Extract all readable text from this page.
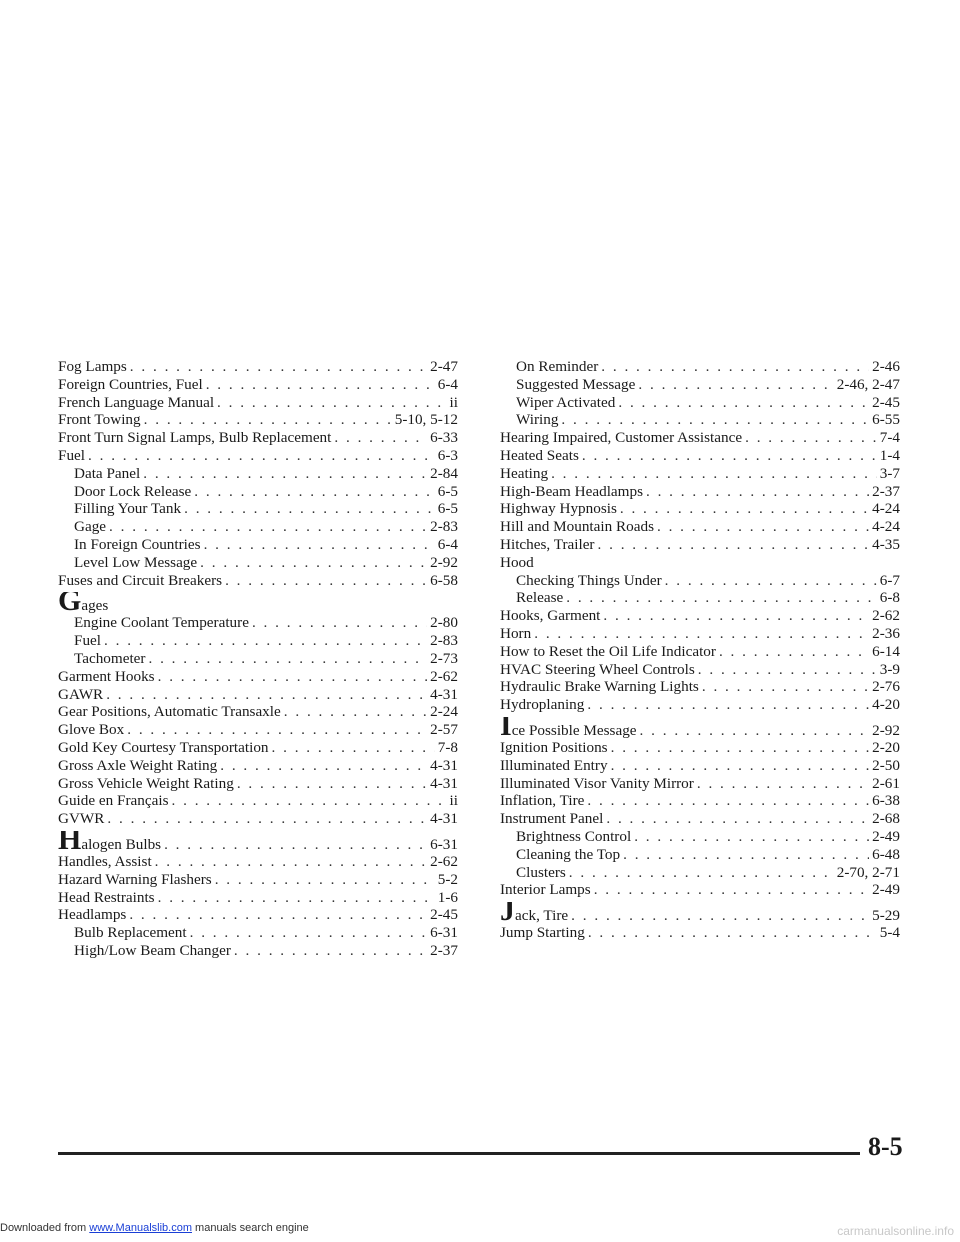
Fog Lamps . . .	2-47
Foreign Countries, Fuel . . .	6-4
French Language Manual . . .	ii
Front Towing . . .	5-10, 5-12
Front Turn Signal Lamps, Bulb Replacement . . .	6-33
Fuel . . .	6-3
Data Panel . . .	2-84
Door Lock Release . . .	6-5
Filling Your Tank . . .	6-5
Gage . . .	2-83
In Foreign Countries . . .	6-4
Level Low Message . . .	2-92
Fuses and Circuit Breakers . . .	6-58
G ages
Engine Coolant Temperature . . .	2-80
Fuel . . .	2-83
Tachometer . . .	2-73
Garment Hooks . . .	2-62
GAWR . . .	4-31
Gear Positions, Automatic Transaxle . . .	2-24
Glove Box . . .	2-57
Gold Key Courtesy Transportation . . .	7-8
Gross Axle Weight Rating . . .	4-31
Gross Vehicle Weight Rating . . .	4-31
Guide en Français . . .	ii
GVWR . . .	4-31
H alogen Bulbs . . .	6-31
Handles, Assist . . .	2-62
Hazard Warning Flashers . . .	5-2
Head Restraints . . .	1-6
Headlamps . . .	2-45
Bulb Replacement . . .	6-31
High/Low Beam Changer . . .	2-37
On Reminder . . .	2-46
Suggested Message . . .	2-46, 2-47
Wiper Activated . . .	2-45
Wiring . . .	6-55
Hearing Impaired, Customer Assistance . . .	7-4
Heated Seats . . .	1-4
Heating . . .	3-7
High-Beam Headlamps . . .	2-37
Highway Hypnosis . . .	4-24
Hill and Mountain Roads . . .	4-24
Hitches, Trailer . . .	4-35
Hood
Checking Things Under . . .	6-7
Release . . .	6-8
Hooks, Garment . . .	2-62
Horn . . .	2-36
How to Reset the Oil Life Indicator . . .	6-14
HVAC Steering Wheel Controls . . .	3-9
Hydraulic Brake Warning Lights . . .	2-76
Hydroplaning . . .	4-20
I ce Possible Message . . .	2-92
Ignition Positions . . .	2-20
Illuminated Entry . . .	2-50
Illuminated Visor Vanity Mirror . . .	2-61
Inflation, Tire . . .	6-38
Instrument Panel . . .	2-68
Brightness Control . . .	2-49
Cleaning the Top . . .	6-48
Clusters . . .	2-70, 2-71
Interior Lamps . . .	2-49
J ack, Tire . . .	5-29
Jump Starting . . .	5-4
8-5
Downloaded from www.Manualslib.com manuals search engine	carmanualsonline.info
